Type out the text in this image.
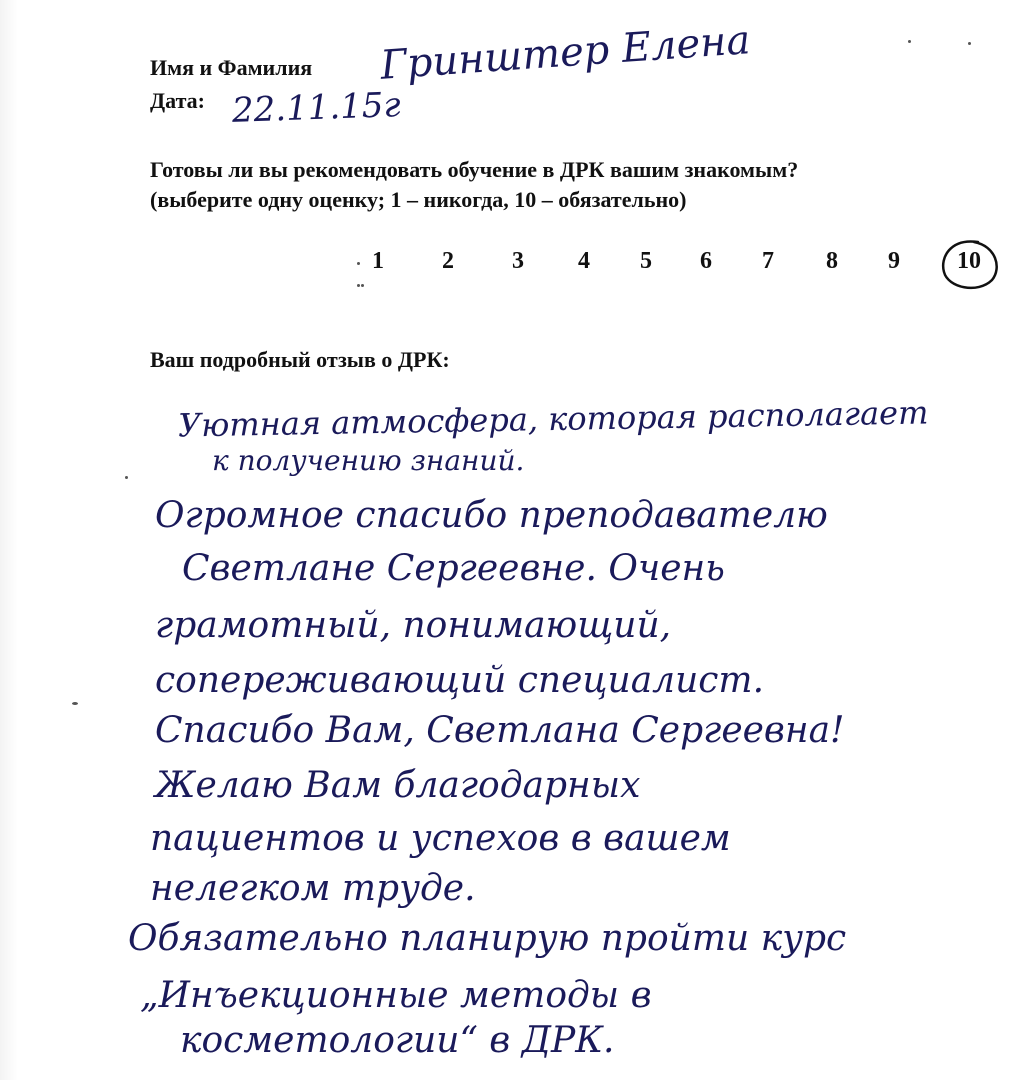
Имя и Фамилия
Дата:
Гринштер Елена
22.11.15г
Готовы ли вы рекомендовать обучение в ДРК вашим знакомым?
(выберите одну оценку; 1 – никогда, 10 – обязательно)
1 2 3 4 5 6 7 8 9 10
Ваш подробный отзыв о ДРК:
Уютная атмосфера, которая располагает
к получению знаний.
Огромное спасибо преподавателю
Светлане Сергеевне. Очень
грамотный, понимающий,
сопереживающий специалист.
Спасибо Вам, Светлана Сергеевна!
Желаю Вам благодарных
пациентов и успехов в вашем
нелегком труде.
Обязательно планирую пройти курс
„Инъекционные методы в
косметологии“ в ДРК.
